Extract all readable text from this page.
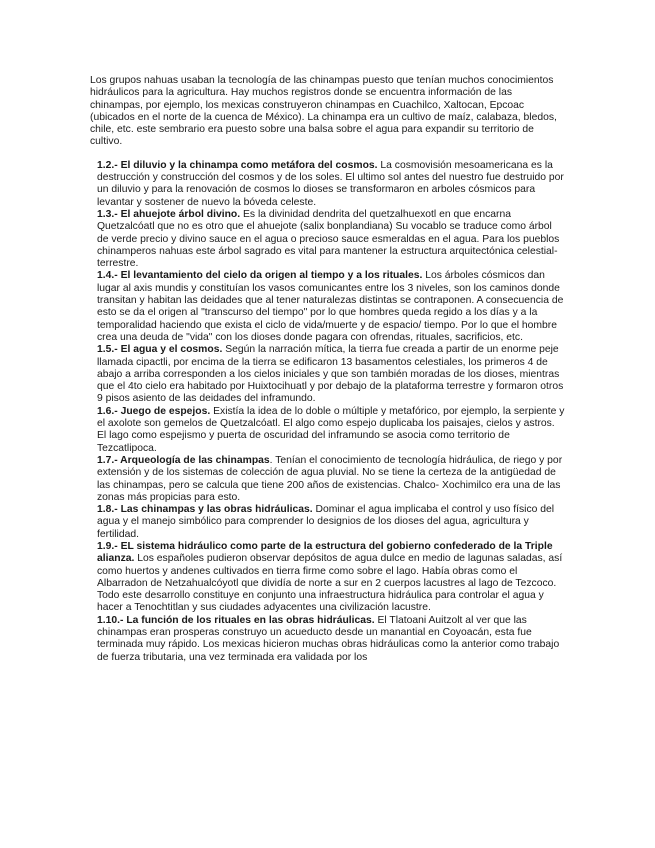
Los grupos nahuas usaban la tecnología de las chinampas puesto que tenían muchos conocimientos hidráulicos para la agricultura. Hay muchos registros donde se encuentra información de las chinampas, por ejemplo, los mexicas construyeron chinampas en Cuachilco, Xaltocan, Epcoac (ubicados en el norte de la cuenca de México). La chinampa era un cultivo de maíz, calabaza, bledos, chile, etc. este sembrario era puesto sobre una balsa sobre el agua para expandir su territorio de cultivo.

1.2.- El diluvio y la chinampa como metáfora del cosmos. La cosmovisión mesoamericana es la destrucción y construcción del cosmos y de los soles. El ultimo sol antes del nuestro fue destruido por un diluvio y para la renovación de cosmos lo dioses se transformaron en arboles cósmicos para levantar y sostener de nuevo la bóveda celeste.

1.3.- El ahuejote árbol divino. Es la divinidad dendrita del quetzalhuexotl en que encarna Quetzalcóatl que no es otro que el ahuejote (salix bonplandiana) Su vocablo se traduce como árbol de verde precio y divino sauce en el agua o precioso sauce esmeraldas en el agua. Para los pueblos chinamperos nahuas este árbol sagrado es vital para mantener la estructura arquitectónica celestial- terrestre.

1.4.- El levantamiento del cielo da origen al tiempo y a los rituales. Los árboles cósmicos dan lugar al axis mundis y constituían los vasos comunicantes entre los 3 niveles, son los caminos donde transitan y habitan las deidades que al tener naturalezas distintas se contraponen. A consecuencia de esto se da el origen al "transcurso del tiempo" por lo que hombres queda regido a los días y a la temporalidad haciendo que exista el ciclo de vida/muerte y de espacio/ tiempo. Por lo que el hombre crea una deuda de "vida" con los dioses donde pagara con ofrendas, rituales, sacrificios, etc.

1.5.- El agua y el cosmos. Según la narración mítica, la tierra fue creada a partir de un enorme peje llamada cipactli, por encima de la tierra se edificaron 13 basamentos celestiales, los primeros 4 de abajo a arriba corresponden a los cielos iniciales y que son también moradas de los dioses, mientras que el 4to cielo era habitado por Huixtocihuatl y por debajo de la plataforma terrestre y formaron otros 9 pisos asiento de las deidades del inframundo.

1.6.- Juego de espejos. Existía la idea de lo doble o múltiple y metafórico, por ejemplo, la serpiente y el axolote son gemelos de Quetzalcóatl. El algo como espejo duplicaba los paisajes, cielos y astros. El lago como espejismo y puerta de oscuridad del inframundo se asocia como territorio de Tezcatlipoca.

1.7.- Arqueología de las chinampas. Tenían el conocimiento de tecnología hidráulica, de riego y por extensión y de los sistemas de colección de agua pluvial. No se tiene la certeza de la antigüedad de las chinampas, pero se calcula que tiene 200 años de existencias. Chalco- Xochimilco era una de las zonas más propicias para esto.

1.8.- Las chinampas y las obras hidráulicas. Dominar el agua implicaba el control y uso físico del agua y el manejo simbólico para comprender lo designios de los dioses del agua, agricultura y fertilidad.

1.9.- EL sistema hidráulico como parte de la estructura del gobierno confederado de la Triple alianza. Los españoles pudieron observar depósitos de agua dulce en medio de lagunas saladas, así como huertos y andenes cultivados en tierra firme como sobre el lago. Había obras como el Albarradon de Netzahualcóyotl que dividía de norte a sur en 2 cuerpos lacustres al lago de Tezcoco. Todo este desarrollo constituye en conjunto una infraestructura hidráulica para controlar el agua y hacer a Tenochtitlan y sus ciudades adyacentes una civilización lacustre.

1.10.- La función de los rituales en las obras hidráulicas. El Tlatoani Auitzolt al ver que las chinampas eran prosperas construyo un acueducto desde un manantial en Coyoacán, esta fue terminada muy rápido. Los mexicas hicieron muchas obras hidráulicas como la anterior como trabajo de fuerza tributaria, una vez terminada era validada por los
